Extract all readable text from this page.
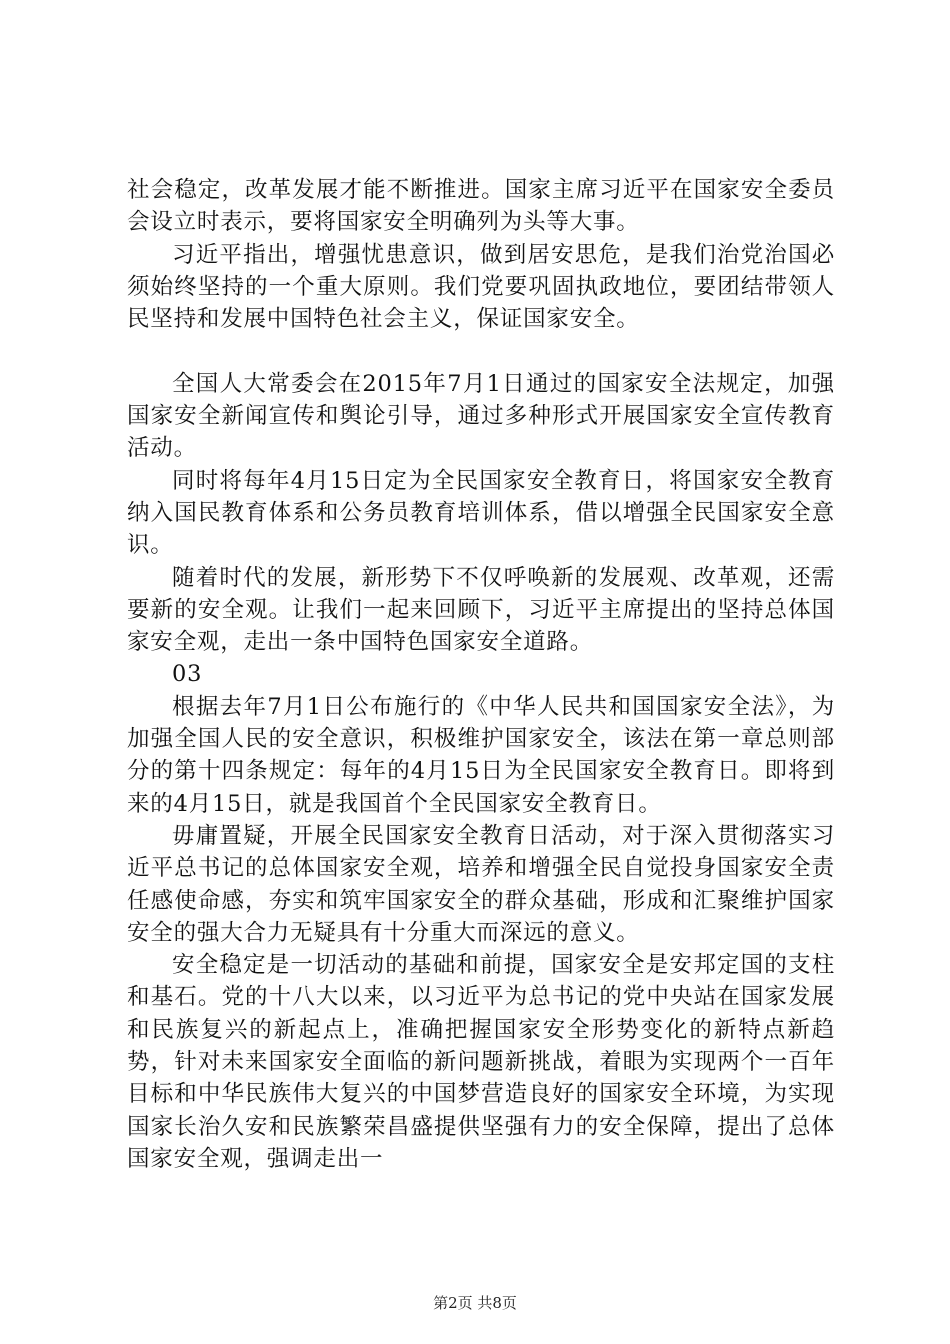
社会稳定，改革发展才能不断推进。国家主席习近平在国家安全委员会设立时表示，要将国家安全明确列为头等大事。

习近平指出，增强忧患意识，做到居安思危，是我们治党治国必须始终坚持的一个重大原则。我们党要巩固执政地位，要团结带领人民坚持和发展中国特色社会主义，保证国家安全。

全国人大常委会在2015年7月1日通过的国家安全法规定，加强国家安全新闻宣传和舆论引导，通过多种形式开展国家安全宣传教育活动。

同时将每年4月15日定为全民国家安全教育日，将国家安全教育纳入国民教育体系和公务员教育培训体系，借以增强全民国家安全意识。

随着时代的发展，新形势下不仅呼唤新的发展观、改革观，还需要新的安全观。让我们一起来回顾下，习近平主席提出的坚持总体国家安全观，走出一条中国特色国家安全道路。

03

根据去年7月1日公布施行的《中华人民共和国国家安全法》，为加强全国人民的安全意识，积极维护国家安全，该法在第一章总则部分的第十四条规定：每年的4月15日为全民国家安全教育日。即将到来的4月15日，就是我国首个全民国家安全教育日。

毋庸置疑，开展全民国家安全教育日活动，对于深入贯彻落实习近平总书记的总体国家安全观，培养和增强全民自觉投身国家安全责任感使命感，夯实和筑牢国家安全的群众基础，形成和汇聚维护国家安全的强大合力无疑具有十分重大而深远的意义。

安全稳定是一切活动的基础和前提，国家安全是安邦定国的支柱和基石。党的十八大以来，以习近平为总书记的党中央站在国家发展和民族复兴的新起点上，准确把握国家安全形势变化的新特点新趋势，针对未来国家安全面临的新问题新挑战，着眼为实现两个一百年目标和中华民族伟大复兴的中国梦营造良好的国家安全环境，为实现国家长治久安和民族繁荣昌盛提供坚强有力的安全保障，提出了总体国家安全观，强调走出一

第2页 共8页
